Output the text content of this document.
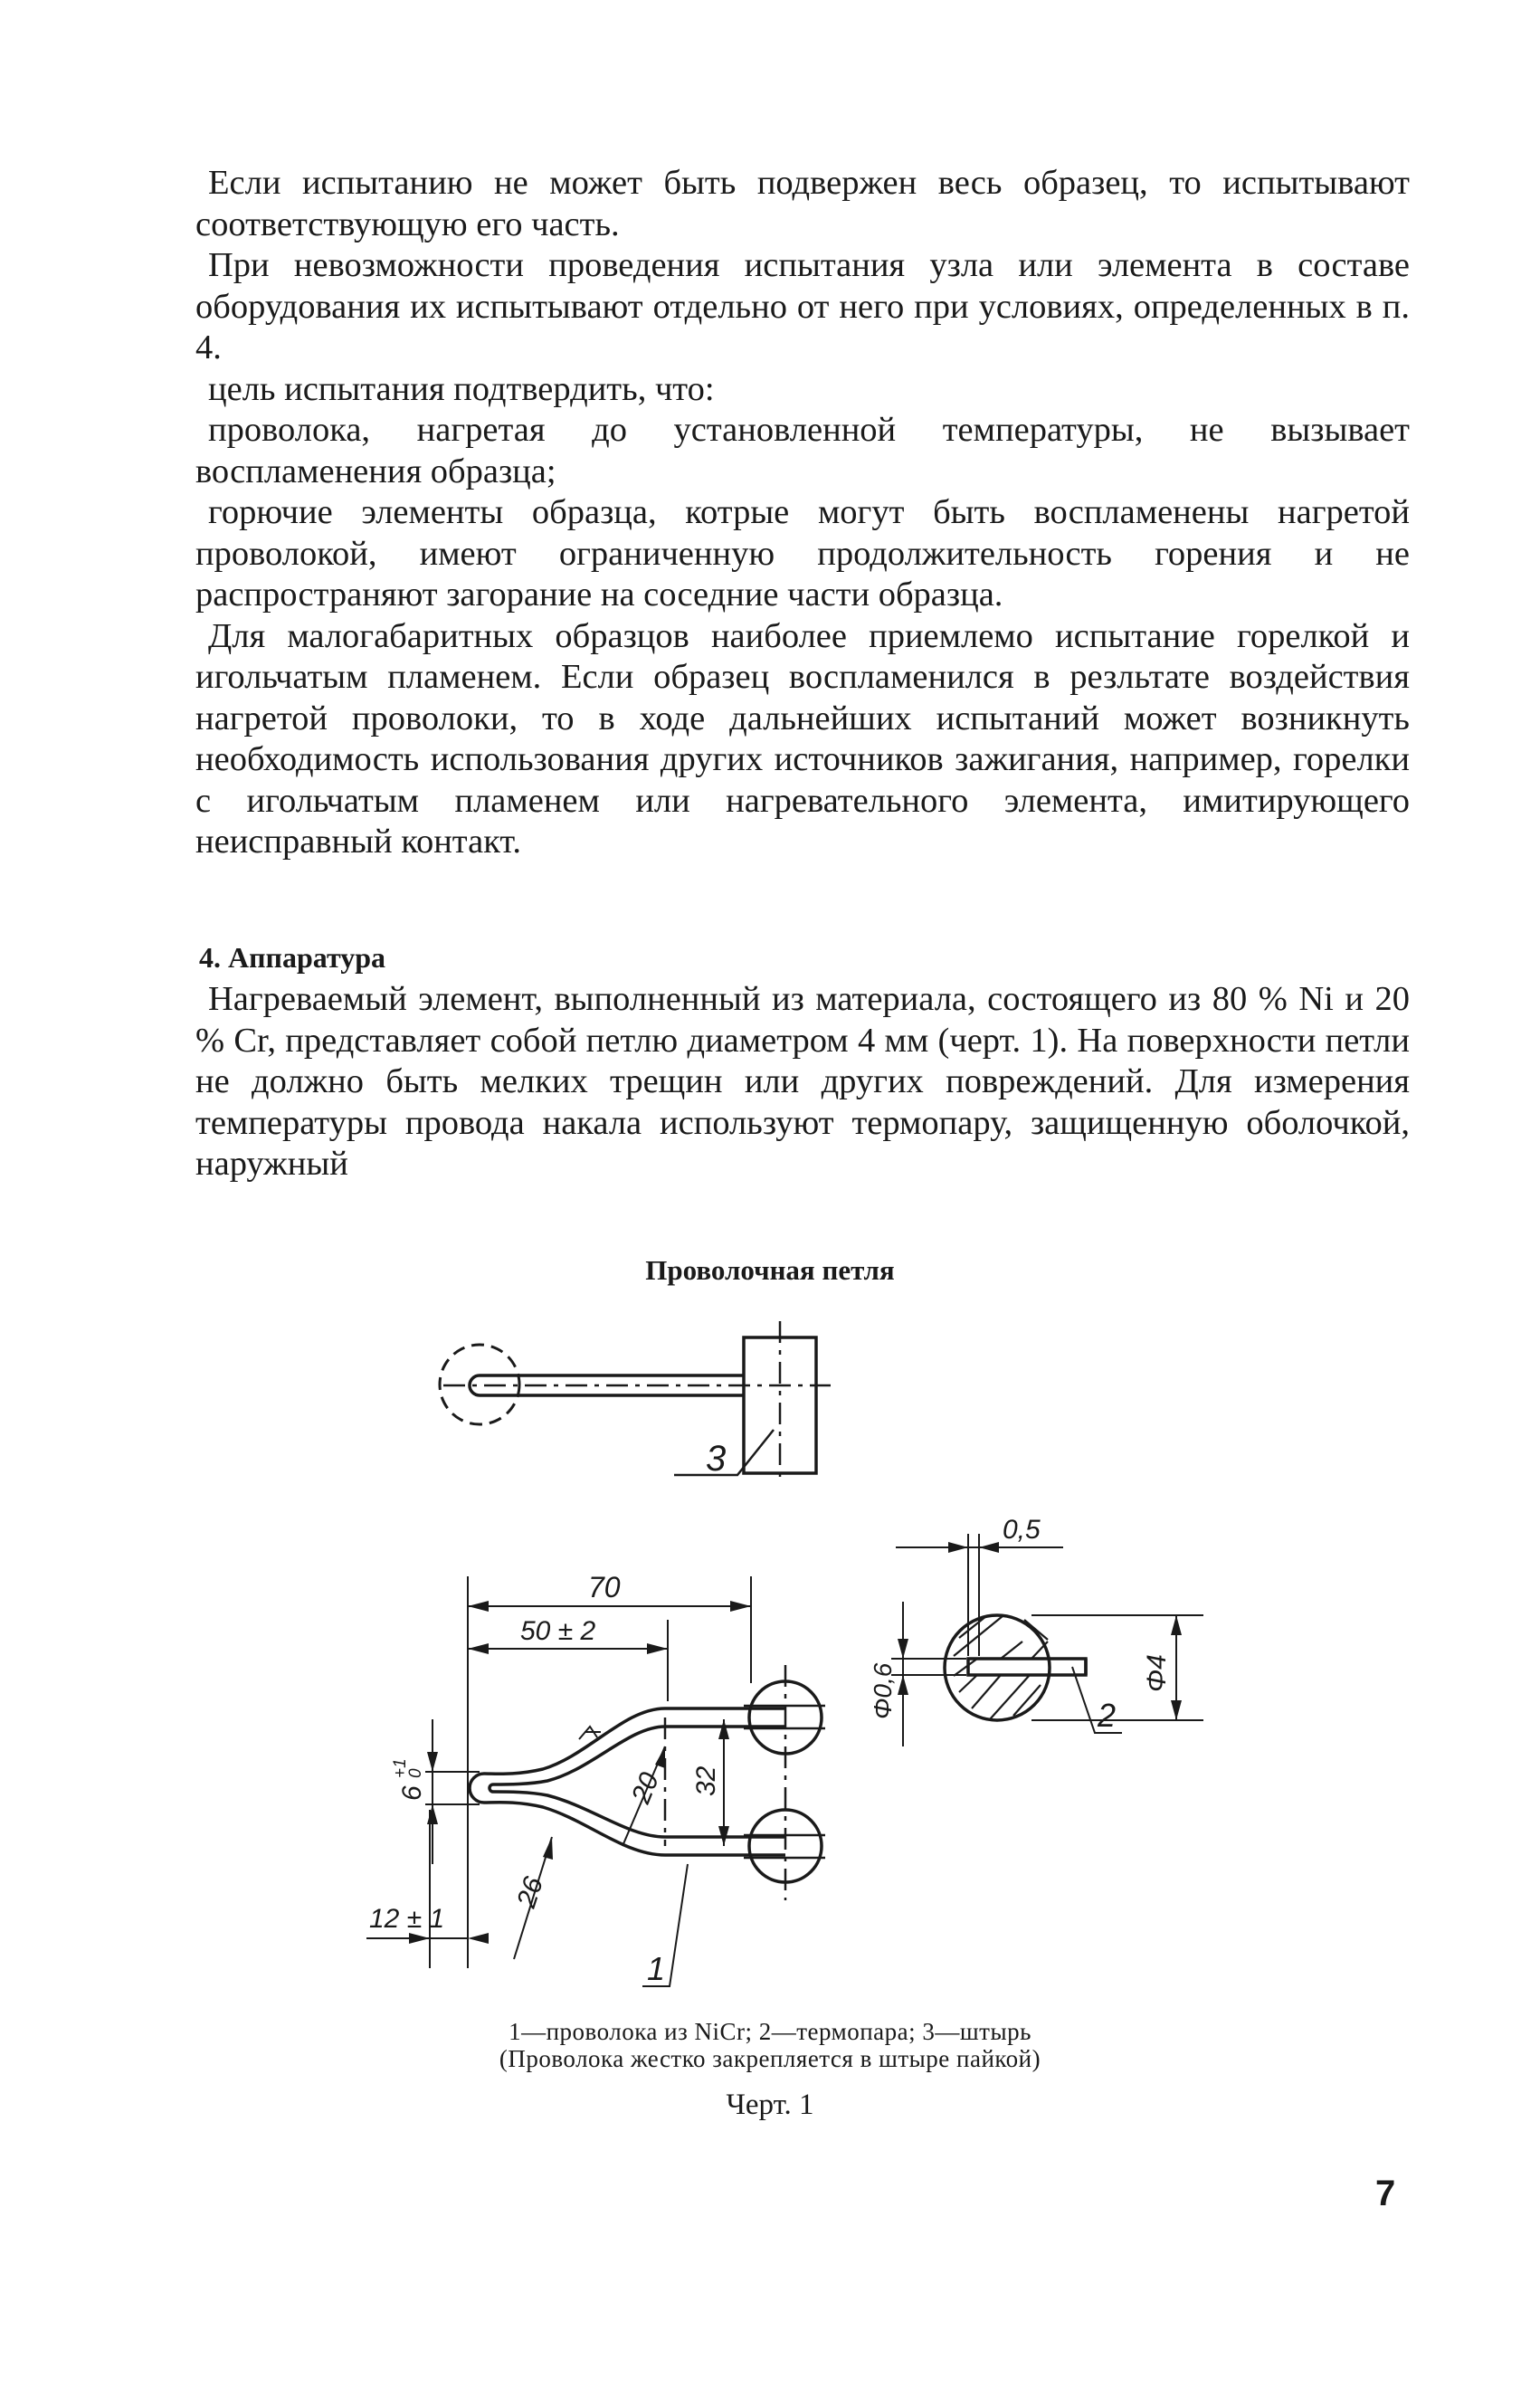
Если испытанию не может быть подвержен весь образец, то испытывают соответствующую его часть.

При невозможности проведения испытания узла или элемента в составе оборудования их испытывают отдельно от него при условиях, определенных в п. 4.

цель испытания подтвердить, что:

проволока, нагретая до установленной температуры, не вызывает воспламенения образца;

горючие элементы образца, котрые могут быть воспламенены нагретой проволокой, имеют ограниченную продолжительность горения и не распространяют загорание на соседние части образца.

Для малогабаритных образцов наиболее приемлемо испытание горелкой и игольчатым пламенем. Если образец воспламенился в резльтате воздействия нагретой проволоки, то в ходе дальнейших испытаний может возникнуть необходимость использования других источников зажигания, например, горелки с игольчатым пламенем или нагревательного элемента, имитирующего неисправный контакт.

4. Аппаратура

Нагреваемый элемент, выполненный из материала, состоящего из 80 % Ni и 20 % Cr, представляет собой петлю диаметром 4 мм (черт. 1). На поверхности петли не должно быть мелких трещин или других повреждений. Для измерения температуры провода накала используют термопару, защищенную оболочкой, наружный

Проволочная петля
3
0,5
70
50 ± 2
2
32
20
26
6
+1
0
12 ± 1
Φ0,6	Φ4
1
1—проволока из NiCr; 2—термопара; 3—штырь
(Проволока жестко закрепляется в штыре пайкой)
Черт. 1
7
